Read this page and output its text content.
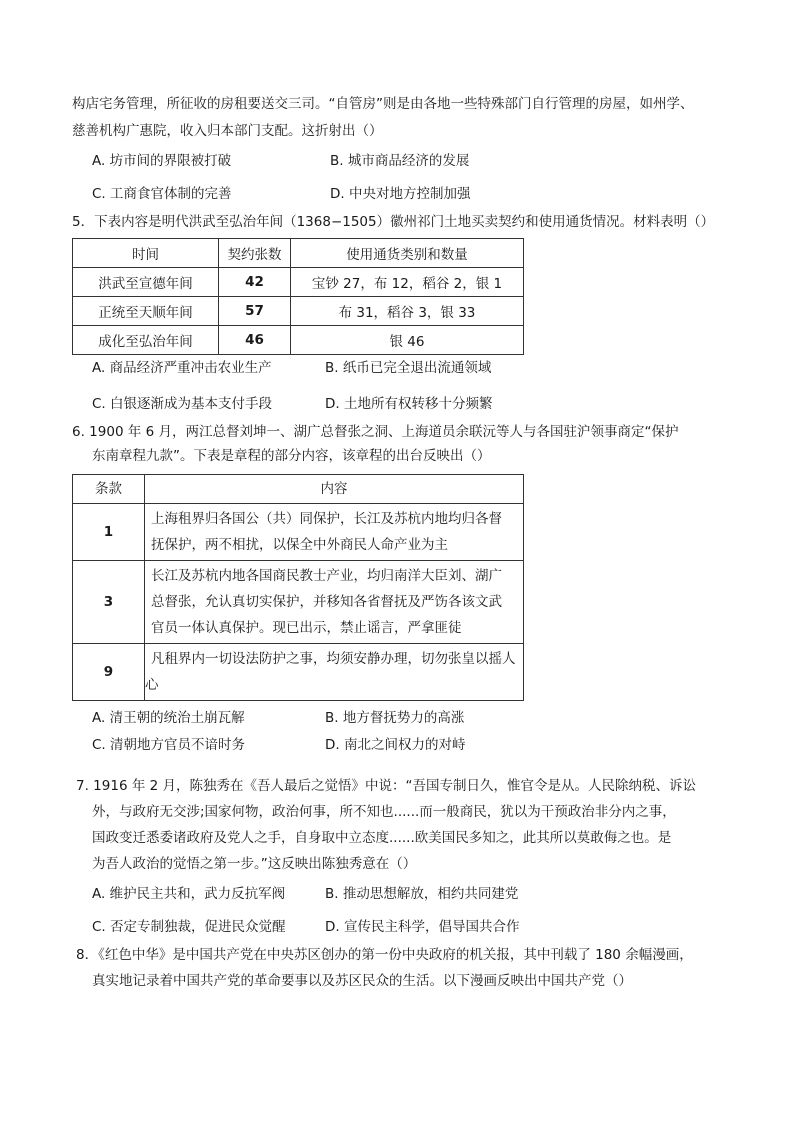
构店宅务管理，所征收的房租要送交三司。“自管房”则是由各地一些特殊部门自行管理的房屋，如州学、
慈善机构广惠院，收入归本部门支配。这折射出（）
A. 坊市间的界限被打破	B. 城市商品经济的发展
C. 工商食官体制的完善	D. 中央对地方控制加强
5．下表内容是明代洪武至弘治年间（1368−1505）徽州祁门土地买卖契约和使用通货情况。材料表明（）
时间	契约张数	使用通货类别和数量
洪武至宣德年间	42	宝钞 27，布 12，稻谷 2，银 1
正统至天顺年间	57	布 31，稻谷 3，银 33
成化至弘治年间	46	银 46
A. 商品经济严重冲击农业生产	B. 纸币已完全退出流通领域
C. 白银逐渐成为基本支付手段	D. 土地所有权转移十分频繁
6. 1900 年 6 月，两江总督刘坤一、湖广总督张之洞、上海道员余联沅等人与各国驻沪领事商定“保护
东南章程九款”。下表是章程的部分内容，该章程的出台反映出（）
条款	内容
1	上海租界归各国公（共）同保护，长江及苏杭内地均归各督
抚保护，两不相扰，以保全中外商民人命产业为主

3	长江及苏杭内地各国商民教士产业，均归南洋大臣刘、湖广
总督张，允认真切实保护，并移知各省督抚及严饬各该文武
官员一体认真保护。现已出示，禁止谣言，严拿匪徒

9	凡租界内一切设法防护之事，均须安静办理，切勿张皇以摇人
心
A. 清王朝的统治土崩瓦解	B. 地方督抚势力的高涨
C. 清朝地方官员不谙时务	D. 南北之间权力的对峙
7. 1916 年 2 月，陈独秀在《吾人最后之觉悟》中说：“吾国专制日久，惟官令是从。人民除纳税、诉讼
外，与政府无交涉;国家何物，政治何事，所不知也......而一般商民，犹以为干预政治非分内之事，
国政变迁悉委诸政府及党人之手，自身取中立态度......欧美国民多知之，此其所以莫敢侮之也。是
为吾人政治的觉悟之第一步。”这反映出陈独秀意在（）
A. 维护民主共和，武力反抗军阀	B. 推动思想解放，相约共同建党
C. 否定专制独裁，促进民众觉醒	D. 宣传民主科学，倡导国共合作
8．《红色中华》是中国共产党在中央苏区创办的第一份中央政府的机关报，其中刊载了 180 余幅漫画，
真实地记录着中国共产党的革命要事以及苏区民众的生活。以下漫画反映出中国共产党（）
